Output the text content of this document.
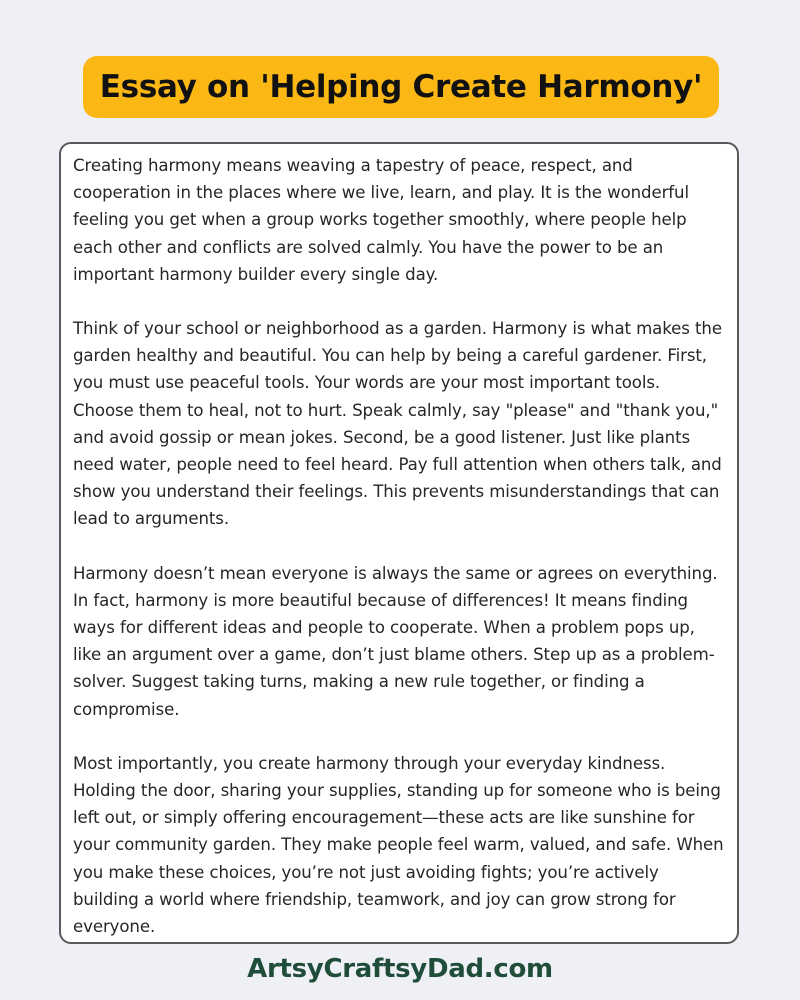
Essay on 'Helping Create Harmony'

Creating harmony means weaving a tapestry of peace, respect, and cooperation in the places where we live, learn, and play. It is the wonderful feeling you get when a group works together smoothly, where people help each other and conflicts are solved calmly. You have the power to be an important harmony builder every single day.

Think of your school or neighborhood as a garden. Harmony is what makes the garden healthy and beautiful. You can help by being a careful gardener. First, you must use peaceful tools. Your words are your most important tools. Choose them to heal, not to hurt. Speak calmly, say "please" and "thank you," and avoid gossip or mean jokes. Second, be a good listener. Just like plants need water, people need to feel heard. Pay full attention when others talk, and show you understand their feelings. This prevents misunderstandings that can lead to arguments.

Harmony doesn’t mean everyone is always the same or agrees on everything. In fact, harmony is more beautiful because of differences! It means finding ways for different ideas and people to cooperate. When a problem pops up, like an argument over a game, don’t just blame others. Step up as a problem-solver. Suggest taking turns, making a new rule together, or finding a compromise.

Most importantly, you create harmony through your everyday kindness. Holding the door, sharing your supplies, standing up for someone who is being left out, or simply offering encouragement—these acts are like sunshine for your community garden. They make people feel warm, valued, and safe. When you make these choices, you’re not just avoiding fights; you’re actively building a world where friendship, teamwork, and joy can grow strong for everyone.

ArtsyCraftsyDad.com
